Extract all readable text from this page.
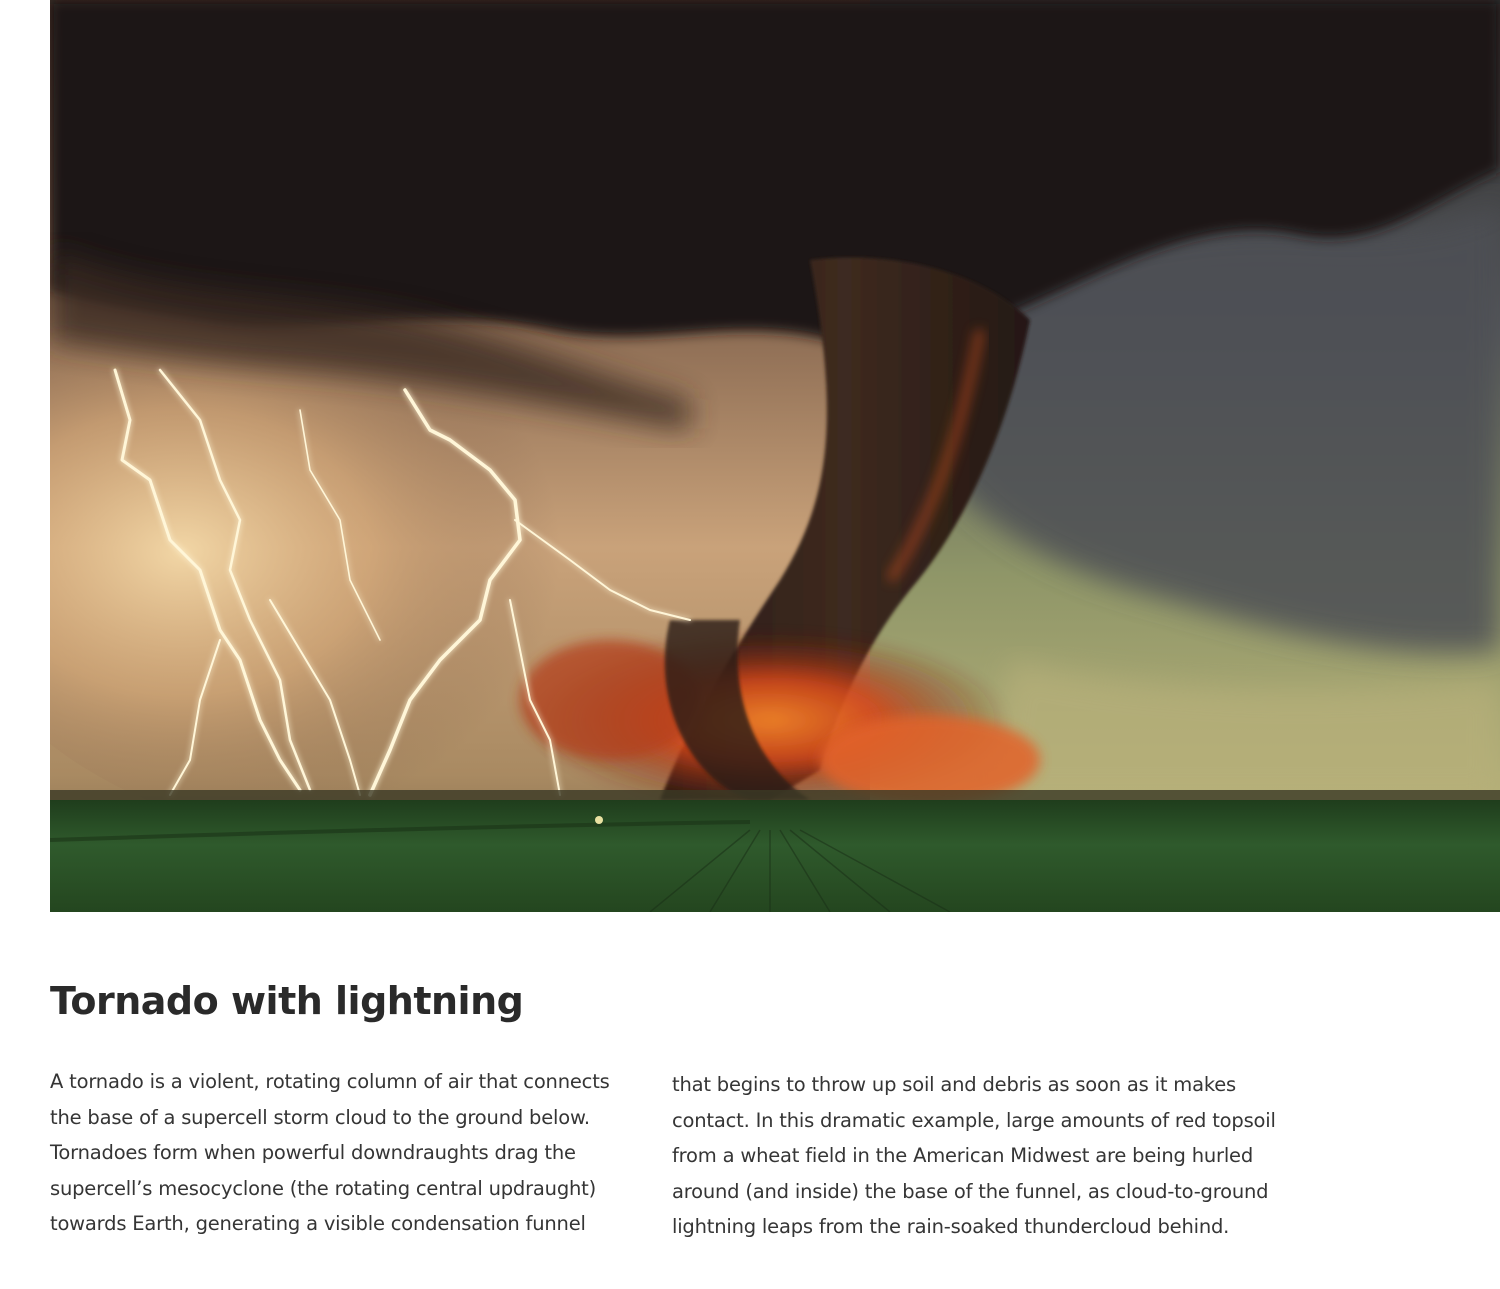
Tornado with lightning

A tornado is a violent, rotating column of air that connects
the base of a supercell storm cloud to the ground below.
Tornadoes form when powerful downdraughts drag the
supercell’s mesocyclone (the rotating central updraught)
towards Earth, generating a visible condensation funnel

that begins to throw up soil and debris as soon as it makes
contact. In this dramatic example, large amounts of red topsoil
from a wheat field in the American Midwest are being hurled
around (and inside) the base of the funnel, as cloud-to-ground
lightning leaps from the rain-soaked thundercloud behind.
